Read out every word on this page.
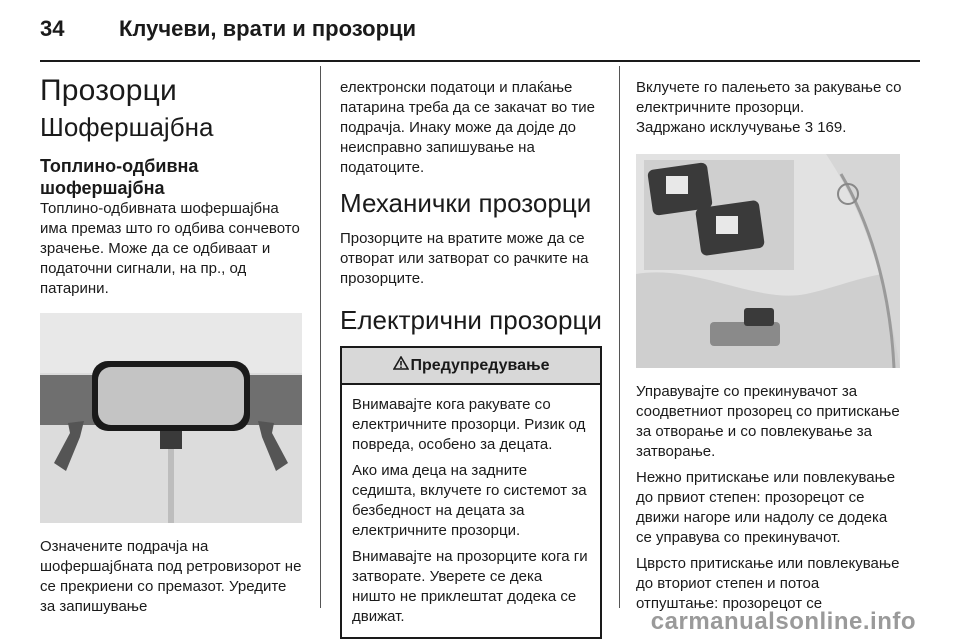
34 Клучеви, врати и прозорци
Прозорци
Шофершајбна
Топлино-одбивна
шофершајбна

Топлино-одбивната шофершајбна има премаз што го одбива сончевото зрачење. Може да се одбиваат и податочни сигнали, на пр., од патарини.

Означените подрачја на шофершајбната под ретровизорот не се прекриени со премазот. Уредите за запишување

електронски податоци и плаќање патарина треба да се закачат во тие подрачја. Инаку може да дојде до неисправно запишување на податоците.

Механички прозорци

Прозорците на вратите може да се отворат или затворат со рачките на прозорците.

Електрични прозорци
Предупредување

Внимавајте кога ракувате со електричните прозорци. Ризик од повреда, особено за децата.

Ако има деца на задните седишта, вклучете го системот за безбедност на децата за електричните прозорци.

Внимавајте на прозорците кога ги затворате. Уверете се дека ништо не приклештат додека се движат.

Вклучете го палењето за ракување со електричните прозорци.

Задржано исклучување 3 169.

Управувајте со прекинувачот за соодветниот прозорец со притискање за отворање и со повлекување за затворање.

Нежно притискање или повлекување до првиот степен: прозорецот се движи нагоре или надолу се додека се управува со прекинувачот.

Цврсто притискање или повлекување до вториот степен и потоа отпуштање: прозорецот се

carmanualsonline.info
